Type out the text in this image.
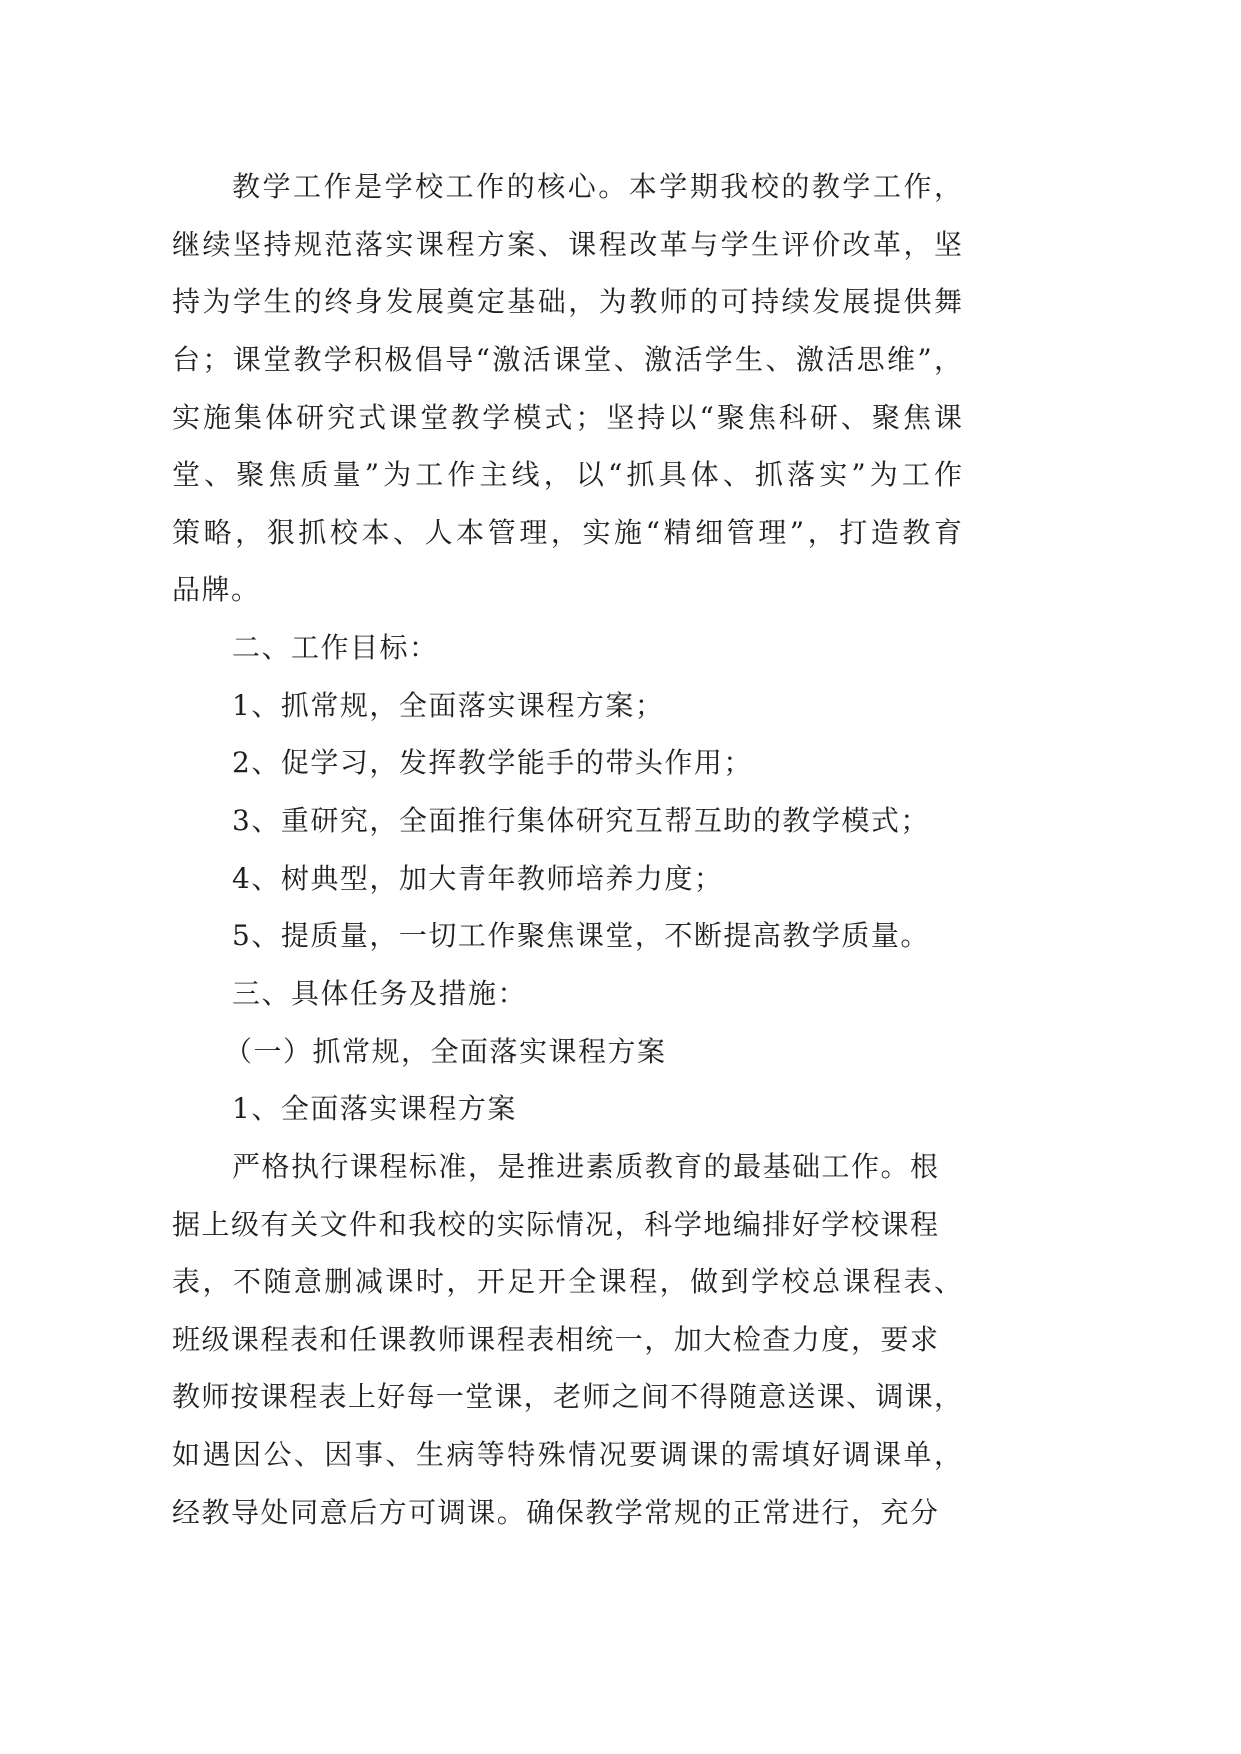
教学工作是学校工作的核心。本学期我校的教学工作，
继续坚持规范落实课程方案、课程改革与学生评价改革，坚
持为学生的终身发展奠定基础，为教师的可持续发展提供舞
台；课堂教学积极倡导“激活课堂、激活学生、激活思维”，
实施集体研究式课堂教学模式；坚持以“聚焦科研、聚焦课
堂、聚焦质量”为工作主线，以“抓具体、抓落实”为工作
策略，狠抓校本、人本管理，实施“精细管理”，打造教育
品牌。
二、工作目标：
1、抓常规，全面落实课程方案；
2、促学习，发挥教学能手的带头作用；
3、重研究，全面推行集体研究互帮互助的教学模式；
4、树典型，加大青年教师培养力度；
5、提质量，一切工作聚焦课堂，不断提高教学质量。
三、具体任务及措施：
（一）抓常规，全面落实课程方案
1、全面落实课程方案
严格执行课程标准，是推进素质教育的最基础工作。根
据上级有关文件和我校的实际情况，科学地编排好学校课程
表，不随意删减课时，开足开全课程，做到学校总课程表、
班级课程表和任课教师课程表相统一，加大检查力度，要求
教师按课程表上好每一堂课，老师之间不得随意送课、调课，
如遇因公、因事、生病等特殊情况要调课的需填好调课单，
经教导处同意后方可调课。确保教学常规的正常进行，充分
